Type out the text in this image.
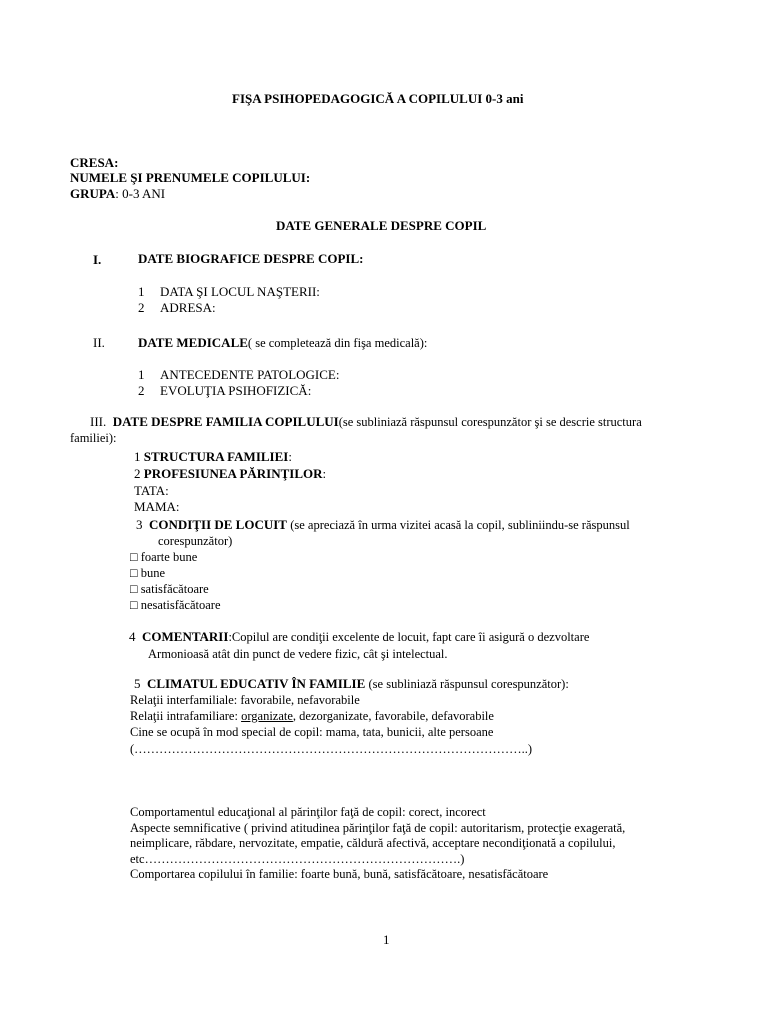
FIŞA PSIHOPEDAGOGICĂ A COPILULUI 0-3 ani
CRESA:
NUMELE ŞI PRENUMELE COPILULUI:
GRUPA: 0-3 ANI
DATE GENERALE DESPRE COPIL
I.	DATE BIOGRAFICE DESPRE COPIL:
1 DATA ŞI LOCUL NAŞTERII:
2 ADRESA:
II.	DATE MEDICALE( se completează din fişa medicală):
1 ANTECEDENTE PATOLOGICE:
2 EVOLUŢIA PSIHOFIZICĂ:
III. DATE DESPRE FAMILIA COPILULUI(se subliniază răspunsul corespunzător şi se descrie structura
familiei):
1 STRUCTURA FAMILIEI:
2 PROFESIUNEA PĂRINŢILOR:
TATA:
MAMA:
3 CONDIŢII DE LOCUIT (se apreciază în urma vizitei acasă la copil, subliniindu-se răspunsul
corespunzător)
□ foarte bune
□ bune
□ satisfăcătoare
□ nesatisfăcătoare
4 COMENTARII:Copilul are condiţii excelente de locuit, fapt care îi asigură o dezvoltare
Armonioasă atât din punct de vedere fizic, cât şi intelectual.
5 CLIMATUL EDUCATIV ÎN FAMILIE (se subliniază răspunsul corespunzător):
Relaţii interfamiliale: favorabile, nefavorabile
Relaţii intrafamiliare: organizate, dezorganizate, favorabile, defavorabile
Cine se ocupă în mod special de copil: mama, tata, bunicii, alte persoane
(…………………………………………………………………………………..)
Comportamentul educaţional al părinţilor faţă de copil: corect, incorect
Aspecte semnificative ( privind atitudinea părinţilor faţă de copil: autoritarism, protecţie exagerată,
neimplicare, răbdare, nervozitate, empatie, căldură afectivă, acceptare necondiţionată a copilului,
etc………………………………………………………………….)
Comportarea copilului în familie: foarte bună, bună, satisfăcătoare, nesatisfăcătoare
1
